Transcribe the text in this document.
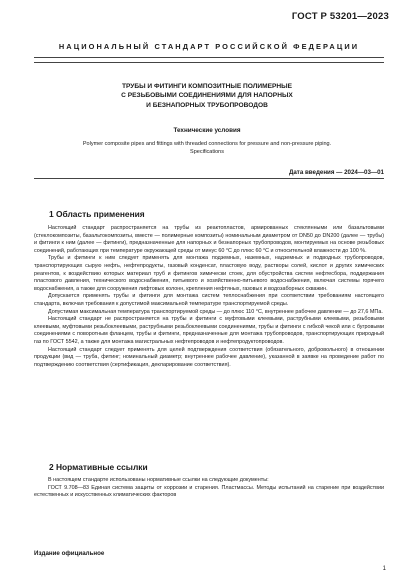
ГОСТ Р 53201—2023
НАЦИОНАЛЬНЫЙ СТАНДАРТ РОССИЙСКОЙ ФЕДЕРАЦИИ
ТРУБЫ И ФИТИНГИ КОМПОЗИТНЫЕ ПОЛИМЕРНЫЕ
С РЕЗЬБОВЫМИ СОЕДИНЕНИЯМИ ДЛЯ НАПОРНЫХ
И БЕЗНАПОРНЫХ ТРУБОПРОВОДОВ
Технические условия

Polymer composite pipes and fittings with threaded connections for pressure and non-pressure piping.
Specifications

Дата введения — 2024—03—01
1 Область применения

Настоящий стандарт распространяется на трубы из реактопластов, армированных стеклянными или базальтовыми (стеклокомпозиты, базальтокомпозиты, вместе — полимерные композиты) номинальным диаметром от DN50 до DN200 (далее — трубы) и фитинги к ним (далее — фитинги), предназначенные для напорных и безнапорных трубопроводов, монтируемых на основе резьбовых соединений, работающих при температуре окружающей среды от минус 60 °C до плюс 60 °C и относительной влажности до 100 %.

Трубы и фитинги к ним следует применять для монтажа подземных, наземных, надземных и подводных трубопроводов, транспортирующих сырую нефть, нефтепродукты, газовый конденсат, пластовую воду, растворы солей, кислот и других химических реагентов, к воздействию которых материал труб и фитингов химически стоек, для обустройства систем нефтесбора, поддержания пластового давления, технического водоснабжения, питьевого и хозяйственно-питьевого водоснабжения, включая системы горячего водоснабжения, а также для сооружения лифтовых колонн, крепления нефтяных, газовых и водозаборных скважин.

Допускается применять трубы и фитинги для монтажа систем теплоснабжения при соответствии требованиям настоящего стандарта, включая требования к допустимой максимальной температуре транспортируемой среды.

Допустимая максимальная температура транспортируемой среды — до плюс 110 °C, внутреннее рабочее давление — до 27,6 МПа.

Настоящий стандарт не распространяется на трубы и фитинги с муфтовыми клеевыми, раструбными клеевыми, резьбовыми клеевыми, муфтовыми резьбоклеевыми, раструбными резьбоклеевыми соединениями, трубы и фитинги с гибкой чекой или с бугровыми соединениями с поворотным фланцем, трубы и фитинги, предназначенные для монтажа трубопроводов, транспортирующих природный газ по ГОСТ 5542, а также для монтажа магистральных нефтепроводов и нефтепродуктопроводов.

Настоящий стандарт следует применять для целей подтверждения соответствия (обязательного, добровольного) в отношении продукции (вид — труба, фитинг; номинальный диаметр; внутреннее рабочее давление), указанной в заявке на проведение работ по подтверждению соответствия (сертификация, декларирование соответствия).

2 Нормативные ссылки

В настоящем стандарте использованы нормативные ссылки на следующие документы:

ГОСТ 9.708—83 Единая система защиты от коррозии и старения. Пластмассы. Методы испытаний на старение при воздействии естественных и искусственных климатических факторов

Издание официальное
1
